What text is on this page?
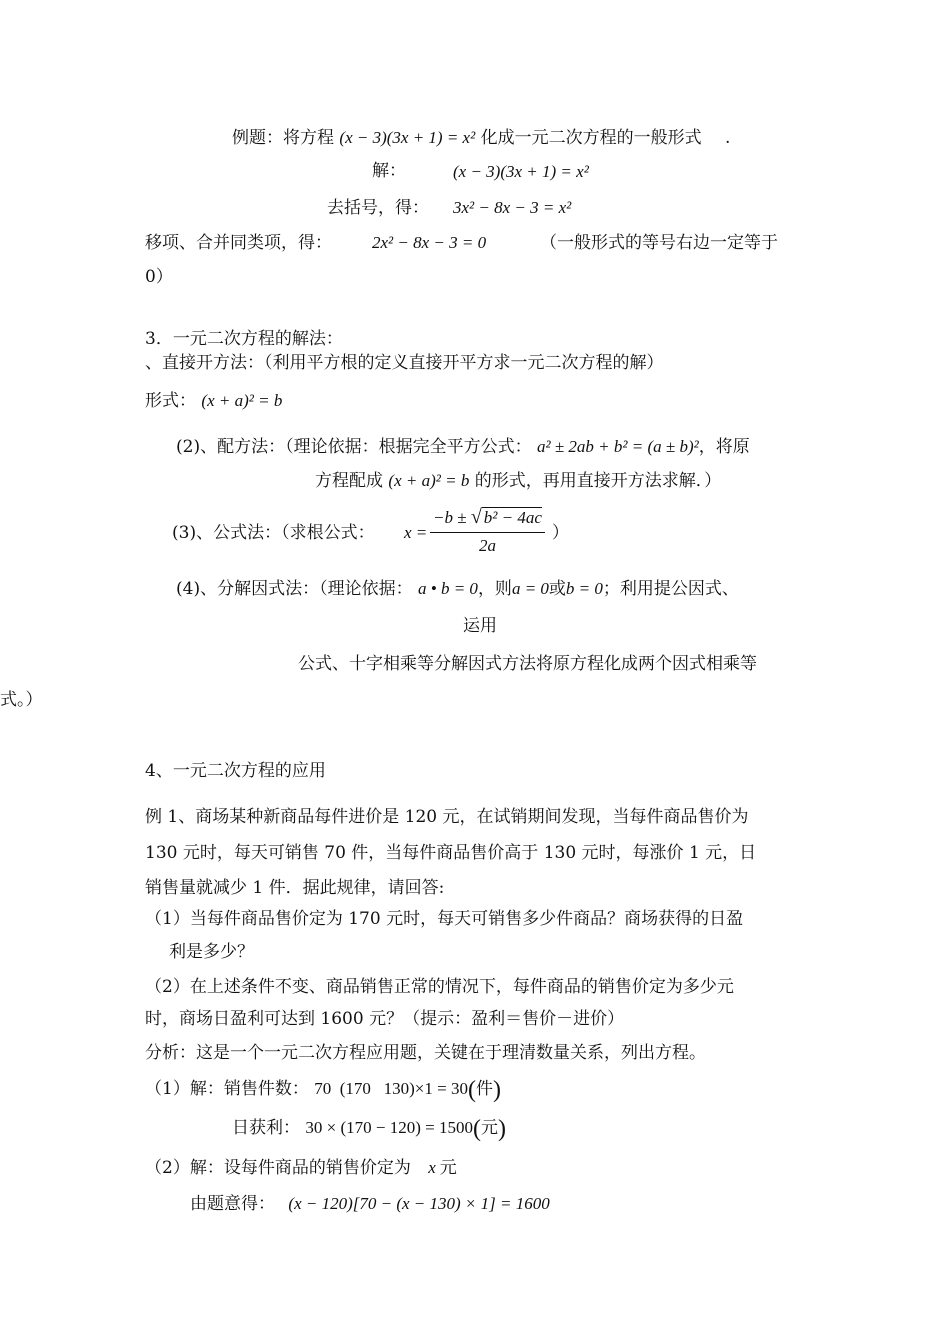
例题：将方程 (x − 3)(3x + 1) = x² 化成一元二次方程的一般形式 .
解：	(x − 3)(3x + 1) = x²
去括号，得： 3x² − 8x − 3 = x²
移项、合并同类项，得： 2x² − 8x − 3 = 0	（一般形式的等号右边一定等于
0）
3．一元二次方程的解法：
、直接开方法：（利用平方根的定义直接开平方求一元二次方程的解）
形式： (x + a)² = b
(2)、配方法：（理论依据：根据完全平方公式： a² ± 2ab + b² = (a ± b)²，将原
方程配成 (x + a)² = b 的形式，再用直接开方法求解．）
(3)、公式法：（求根公式： $x = \frac{\text{−b ± √ b² − 4ac}}{2a}$ ）
(4)、分解因式法：（理论依据： a • b = 0，则a = 0或b = 0；利用提公因式、
运用
公式、十字相乘等分解因式方法将原方程化成两个因式相乘等
式。）
4、一元二次方程的应用
例 1、商场某种新商品每件进价是 120 元，在试销期间发现，当每件商品售价为
130 元时，每天可销售 70 件，当每件商品售价高于 130 元时，每涨价 1 元，日
销售量就减少 1 件．据此规律，请回答:
（1）当每件商品售价定为 170 元时，每天可销售多少件商品？商场获得的日盈
利是多少？
（2）在上述条件不变、商品销售正常的情况下，每件商品的销售价定为多少元
时，商场日盈利可达到 1600 元？（提示：盈利＝售价－进价）
分析：这是一个一元二次方程应用题，关键在于理清数量关系，列出方程。
（1）解：销售件数： 70  (170   130)×1 = 30(件)
日获利： 30 × (170 − 120) = 1500(元)
（2）解：设每件商品的销售价定为 x 元
由题意得： (x − 120)[70 − (x − 130) × 1] = 1600
